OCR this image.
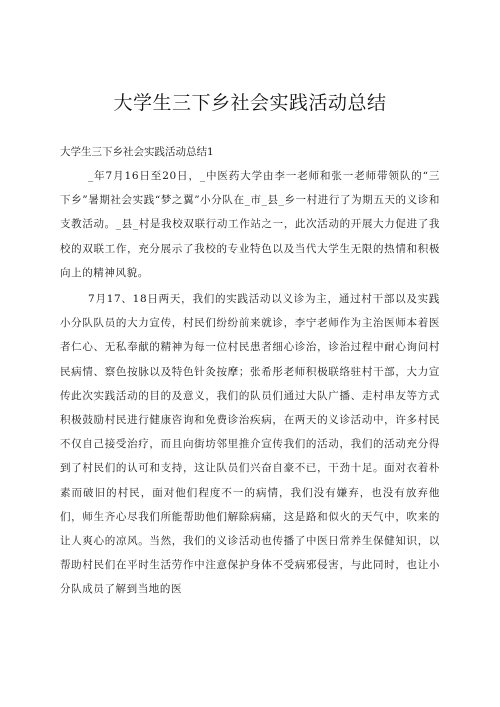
大学生三下乡社会实践活动总结

大学生三下乡社会实践活动总结1

_年7月16日至20日，_中医药大学由李一老师和张一老师带领队的“三下乡”暑期社会实践“梦之翼”小分队在_市_县_乡一村进行了为期五天的义诊和支教活动。_县_村是我校双联行动工作站之一，此次活动的开展大力促进了我校的双联工作，充分展示了我校的专业特色以及当代大学生无限的热情和积极向上的精神风貌。

7月17、18日两天，我们的实践活动以义诊为主，通过村干部以及实践小分队队员的大力宣传，村民们纷纷前来就诊，李宁老师作为主治医师本着医者仁心、无私奉献的精神为每一位村民患者细心诊治，诊治过程中耐心询问村民病情、察色按脉以及特色针灸按摩；张希彤老师积极联络驻村干部，大力宣传此次实践活动的目的及意义，我们的队员们通过大队广播、走村串友等方式积极鼓励村民进行健康咨询和免费诊治疾病，在两天的义诊活动中，许多村民不仅自己接受治疗，而且向街坊邻里推介宣传我们的活动，我们的活动充分得到了村民们的认可和支持，这让队员们兴奋自豪不已，干劲十足。面对衣着朴素而破旧的村民，面对他们程度不一的病情，我们没有嫌弃，也没有放弃他们，师生齐心尽我们所能帮助他们解除病痛，这是路和似火的天气中，吹来的让人爽心的凉风。当然，我们的义诊活动也传播了中医日常养生保健知识，以帮助村民们在平时生活劳作中注意保护身体不受病邪侵害，与此同时，也让小分队成员了解到当地的医
